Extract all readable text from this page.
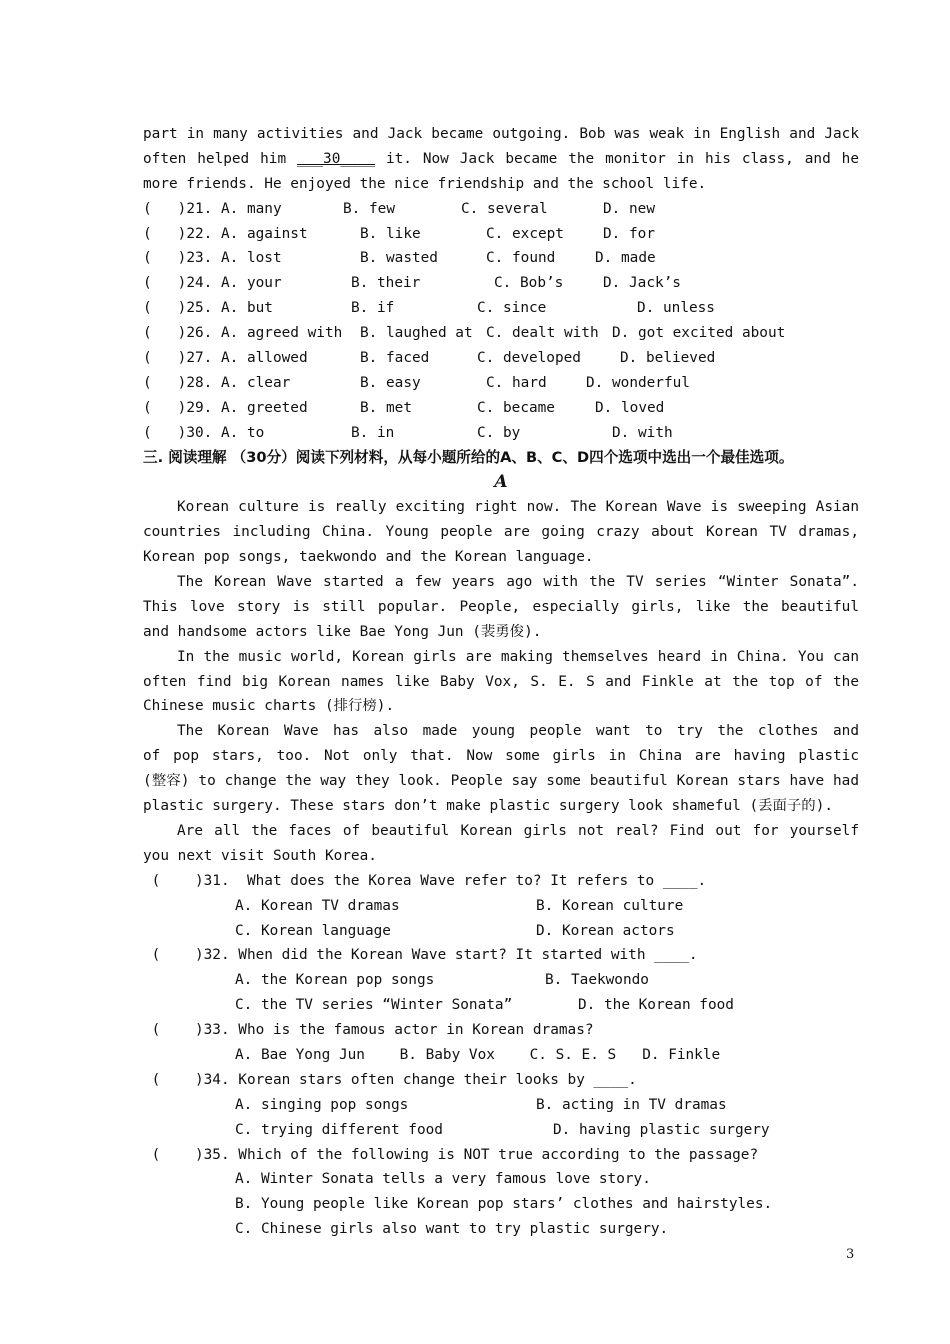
part in many activities and Jack became outgoing. Bob was weak in English and Jack
often helped him ___30____ it. Now Jack became the monitor in his class, and he
more friends. He enjoyed the nice friendship and the school life.
(   )21. A. many	B. few	C. several	D. new
(   )22. A. against	B. like	C. except	D. for
(   )23. A. lost	B. wasted	C. found	D. made
(   )24. A. your	B. their	C. Bob’s	D. Jack’s
(   )25. A. but	B. if	C. since	D. unless
(   )26. A. agreed with B. laughed at C. dealt with D. got excited about
(   )27. A. allowed	B. faced	C. developed	D. believed
(   )28. A. clear	B. easy	C. hard	D. wonderful
(   )29. A. greeted	B. met	C. became	D. loved
(   )30. A. to	B. in	C. by	D. with
三. 阅读理解 （30分）阅读下列材料，从每小题所给的A、B、C、D四个选项中选出一个最佳选项。
A
Korean culture is really exciting right now. The Korean Wave is sweeping Asian
countries including China. Young people are going crazy about Korean TV dramas,
Korean pop songs, taekwondo and the Korean language.
The Korean Wave started a few years ago with the TV series “Winter Sonata”.
This love story is still popular. People, especially girls, like the beautiful
and handsome actors like Bae Yong Jun (裴勇俊).
In the music world, Korean girls are making themselves heard in China. You can
often find big Korean names like Baby Vox, S. E. S and Finkle at the top of the
Chinese music charts (排行榜).
The Korean Wave has also made young people want to try the clothes and
of pop stars, too. Not only that. Now some girls in China are having plastic
(整容) to change the way they look. People say some beautiful Korean stars have had
plastic surgery. These stars don’t make plastic surgery look shameful (丢面子的).
Are all the faces of beautiful Korean girls not real? Find out for yourself
you next visit South Korea.
(    )31.  What does the Korea Wave refer to? It refers to ____.
A. Korean TV dramas	B. Korean culture
C. Korean language	D. Korean actors
(    )32. When did the Korean Wave start? It started with ____.
A. the Korean pop songs	B. Taekwondo
C. the TV series “Winter Sonata”	D. the Korean food
(    )33. Who is the famous actor in Korean dramas?
A. Bae Yong Jun    B. Baby Vox    C. S. E. S   D. Finkle
(    )34. Korean stars often change their looks by ____.
A. singing pop songs	B. acting in TV dramas
C. trying different food	D. having plastic surgery
(    )35. Which of the following is NOT true according to the passage?
A. Winter Sonata tells a very famous love story.
B. Young people like Korean pop stars’ clothes and hairstyles.
C. Chinese girls also want to try plastic surgery.
3
